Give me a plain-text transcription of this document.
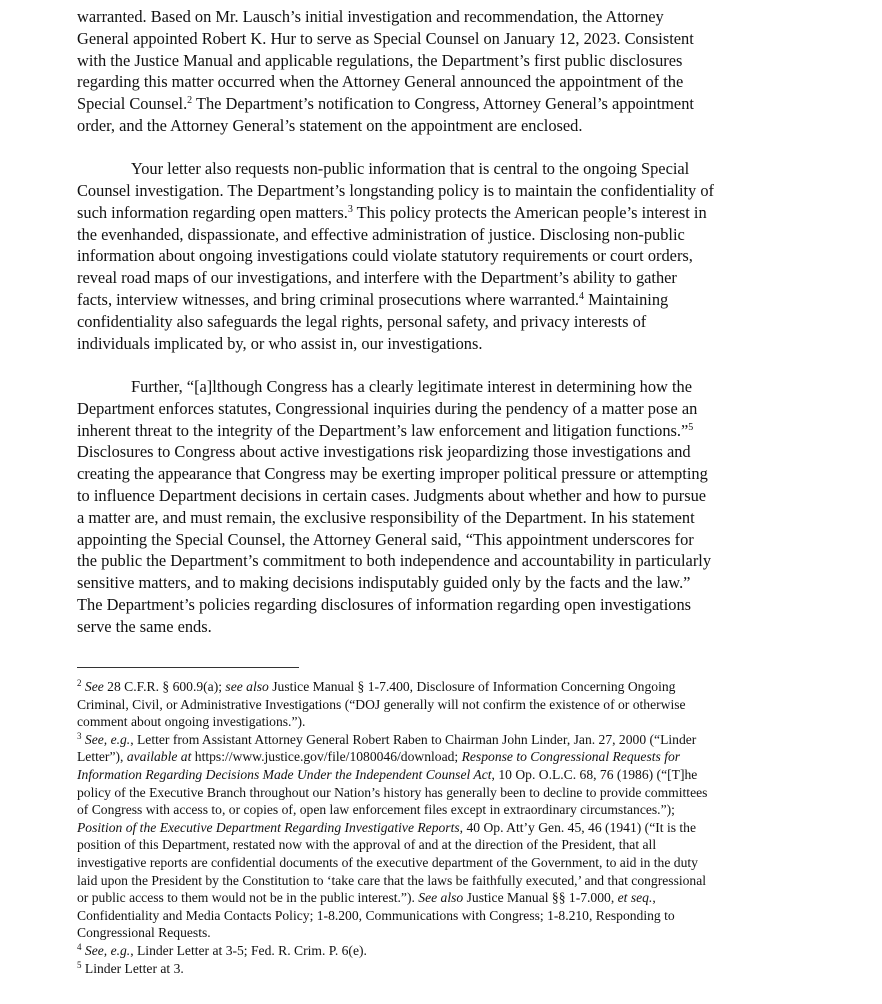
warranted. Based on Mr. Lausch’s initial investigation and recommendation, the Attorney
General appointed Robert K. Hur to serve as Special Counsel on January 12, 2023. Consistent
with the Justice Manual and applicable regulations, the Department’s first public disclosures
regarding this matter occurred when the Attorney General announced the appointment of the
Special Counsel.$^2$ The Department’s notification to Congress, Attorney General’s appointment
order, and the Attorney General’s statement on the appointment are enclosed.

Your letter also requests non-public information that is central to the ongoing Special
Counsel investigation. The Department’s longstanding policy is to maintain the confidentiality of
such information regarding open matters.$^3$ This policy protects the American people’s interest in
the evenhanded, dispassionate, and effective administration of justice. Disclosing non-public
information about ongoing investigations could violate statutory requirements or court orders,
reveal road maps of our investigations, and interfere with the Department’s ability to gather
facts, interview witnesses, and bring criminal prosecutions where warranted.$^4$ Maintaining
confidentiality also safeguards the legal rights, personal safety, and privacy interests of
individuals implicated by, or who assist in, our investigations.

Further, “[a]lthough Congress has a clearly legitimate interest in determining how the
Department enforces statutes, Congressional inquiries during the pendency of a matter pose an
inherent threat to the integrity of the Department’s law enforcement and litigation functions.”$^5$
Disclosures to Congress about active investigations risk jeopardizing those investigations and
creating the appearance that Congress may be exerting improper political pressure or attempting
to influence Department decisions in certain cases. Judgments about whether and how to pursue
a matter are, and must remain, the exclusive responsibility of the Department. In his statement
appointing the Special Counsel, the Attorney General said, “This appointment underscores for
the public the Department’s commitment to both independence and accountability in particularly
sensitive matters, and to making decisions indisputably guided only by the facts and the law.”
The Department’s policies regarding disclosures of information regarding open investigations
serve the same ends.

$^2$ See 28 C.F.R. § 600.9(a); see also Justice Manual § 1-7.400, Disclosure of Information Concerning Ongoing
Criminal, Civil, or Administrative Investigations (“DOJ generally will not confirm the existence of or otherwise
comment about ongoing investigations.”).
$^3$ See, e.g., Letter from Assistant Attorney General Robert Raben to Chairman John Linder, Jan. 27, 2000 (“Linder
Letter”), available at https://www.justice.gov/file/1080046/download; Response to Congressional Requests for
Information Regarding Decisions Made Under the Independent Counsel Act, 10 Op. O.L.C. 68, 76 (1986) (“[T]he
policy of the Executive Branch throughout our Nation’s history has generally been to decline to provide committees
of Congress with access to, or copies of, open law enforcement files except in extraordinary circumstances.”);
Position of the Executive Department Regarding Investigative Reports, 40 Op. Att’y Gen. 45, 46 (1941) (“It is the
position of this Department, restated now with the approval of and at the direction of the President, that all
investigative reports are confidential documents of the executive department of the Government, to aid in the duty
laid upon the President by the Constitution to ‘take care that the laws be faithfully executed,’ and that congressional
or public access to them would not be in the public interest.”). See also Justice Manual §§ 1-7.000, et seq.,
Confidentiality and Media Contacts Policy; 1-8.200, Communications with Congress; 1-8.210, Responding to
Congressional Requests.
$^4$ See, e.g., Linder Letter at 3-5; Fed. R. Crim. P. 6(e).
$^5$ Linder Letter at 3.
